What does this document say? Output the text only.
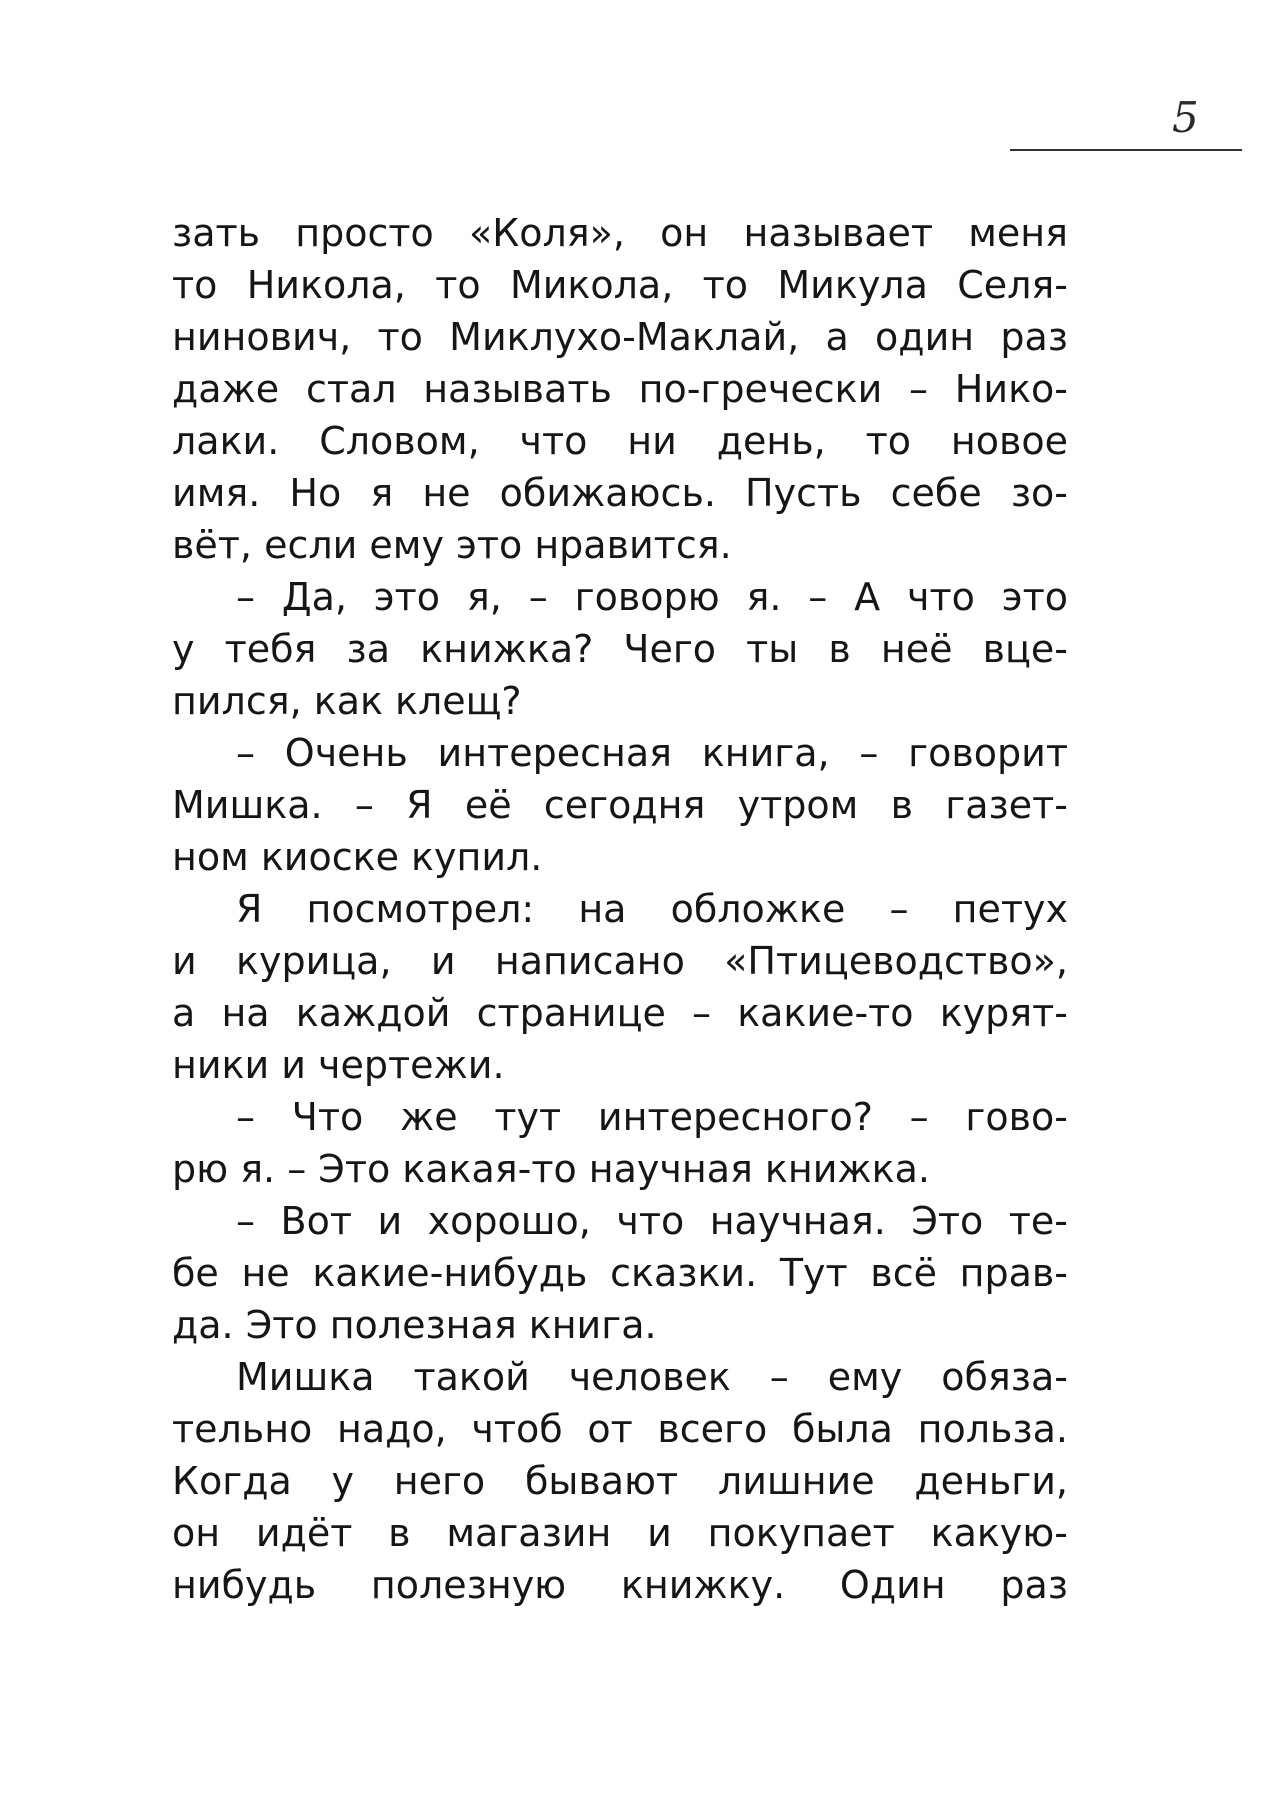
5
зать просто «Коля», он называет меня
то Никола, то Микола, то Микула Селя-
нинович, то Миклухо-Маклай, а один раз
даже стал называть по-гречески – Нико-
лаки. Словом, что ни день, то новое
имя. Но я не обижаюсь. Пусть себе зо-
вёт, если ему это нравится.
– Да, это я, – говорю я. – А что это
у тебя за книжка? Чего ты в неё вце-
пился, как клещ?
– Очень интересная книга, – говорит
Мишка. – Я её сегодня утром в газет-
ном киоске купил.
Я посмотрел: на обложке – петух
и курица, и написано «Птицеводство»,
а на каждой странице – какие-то курят-
ники и чертежи.
– Что же тут интересного? – гово-
рю я. – Это какая-то научная книжка.
– Вот и хорошо, что научная. Это те-
бе не какие-нибудь сказки. Тут всё прав-
да. Это полезная книга.
Мишка такой человек – ему обяза-
тельно надо, чтоб от всего была польза.
Когда у него бывают лишние деньги,
он идёт в магазин и покупает какую-
нибудь полезную книжку. Один раз
